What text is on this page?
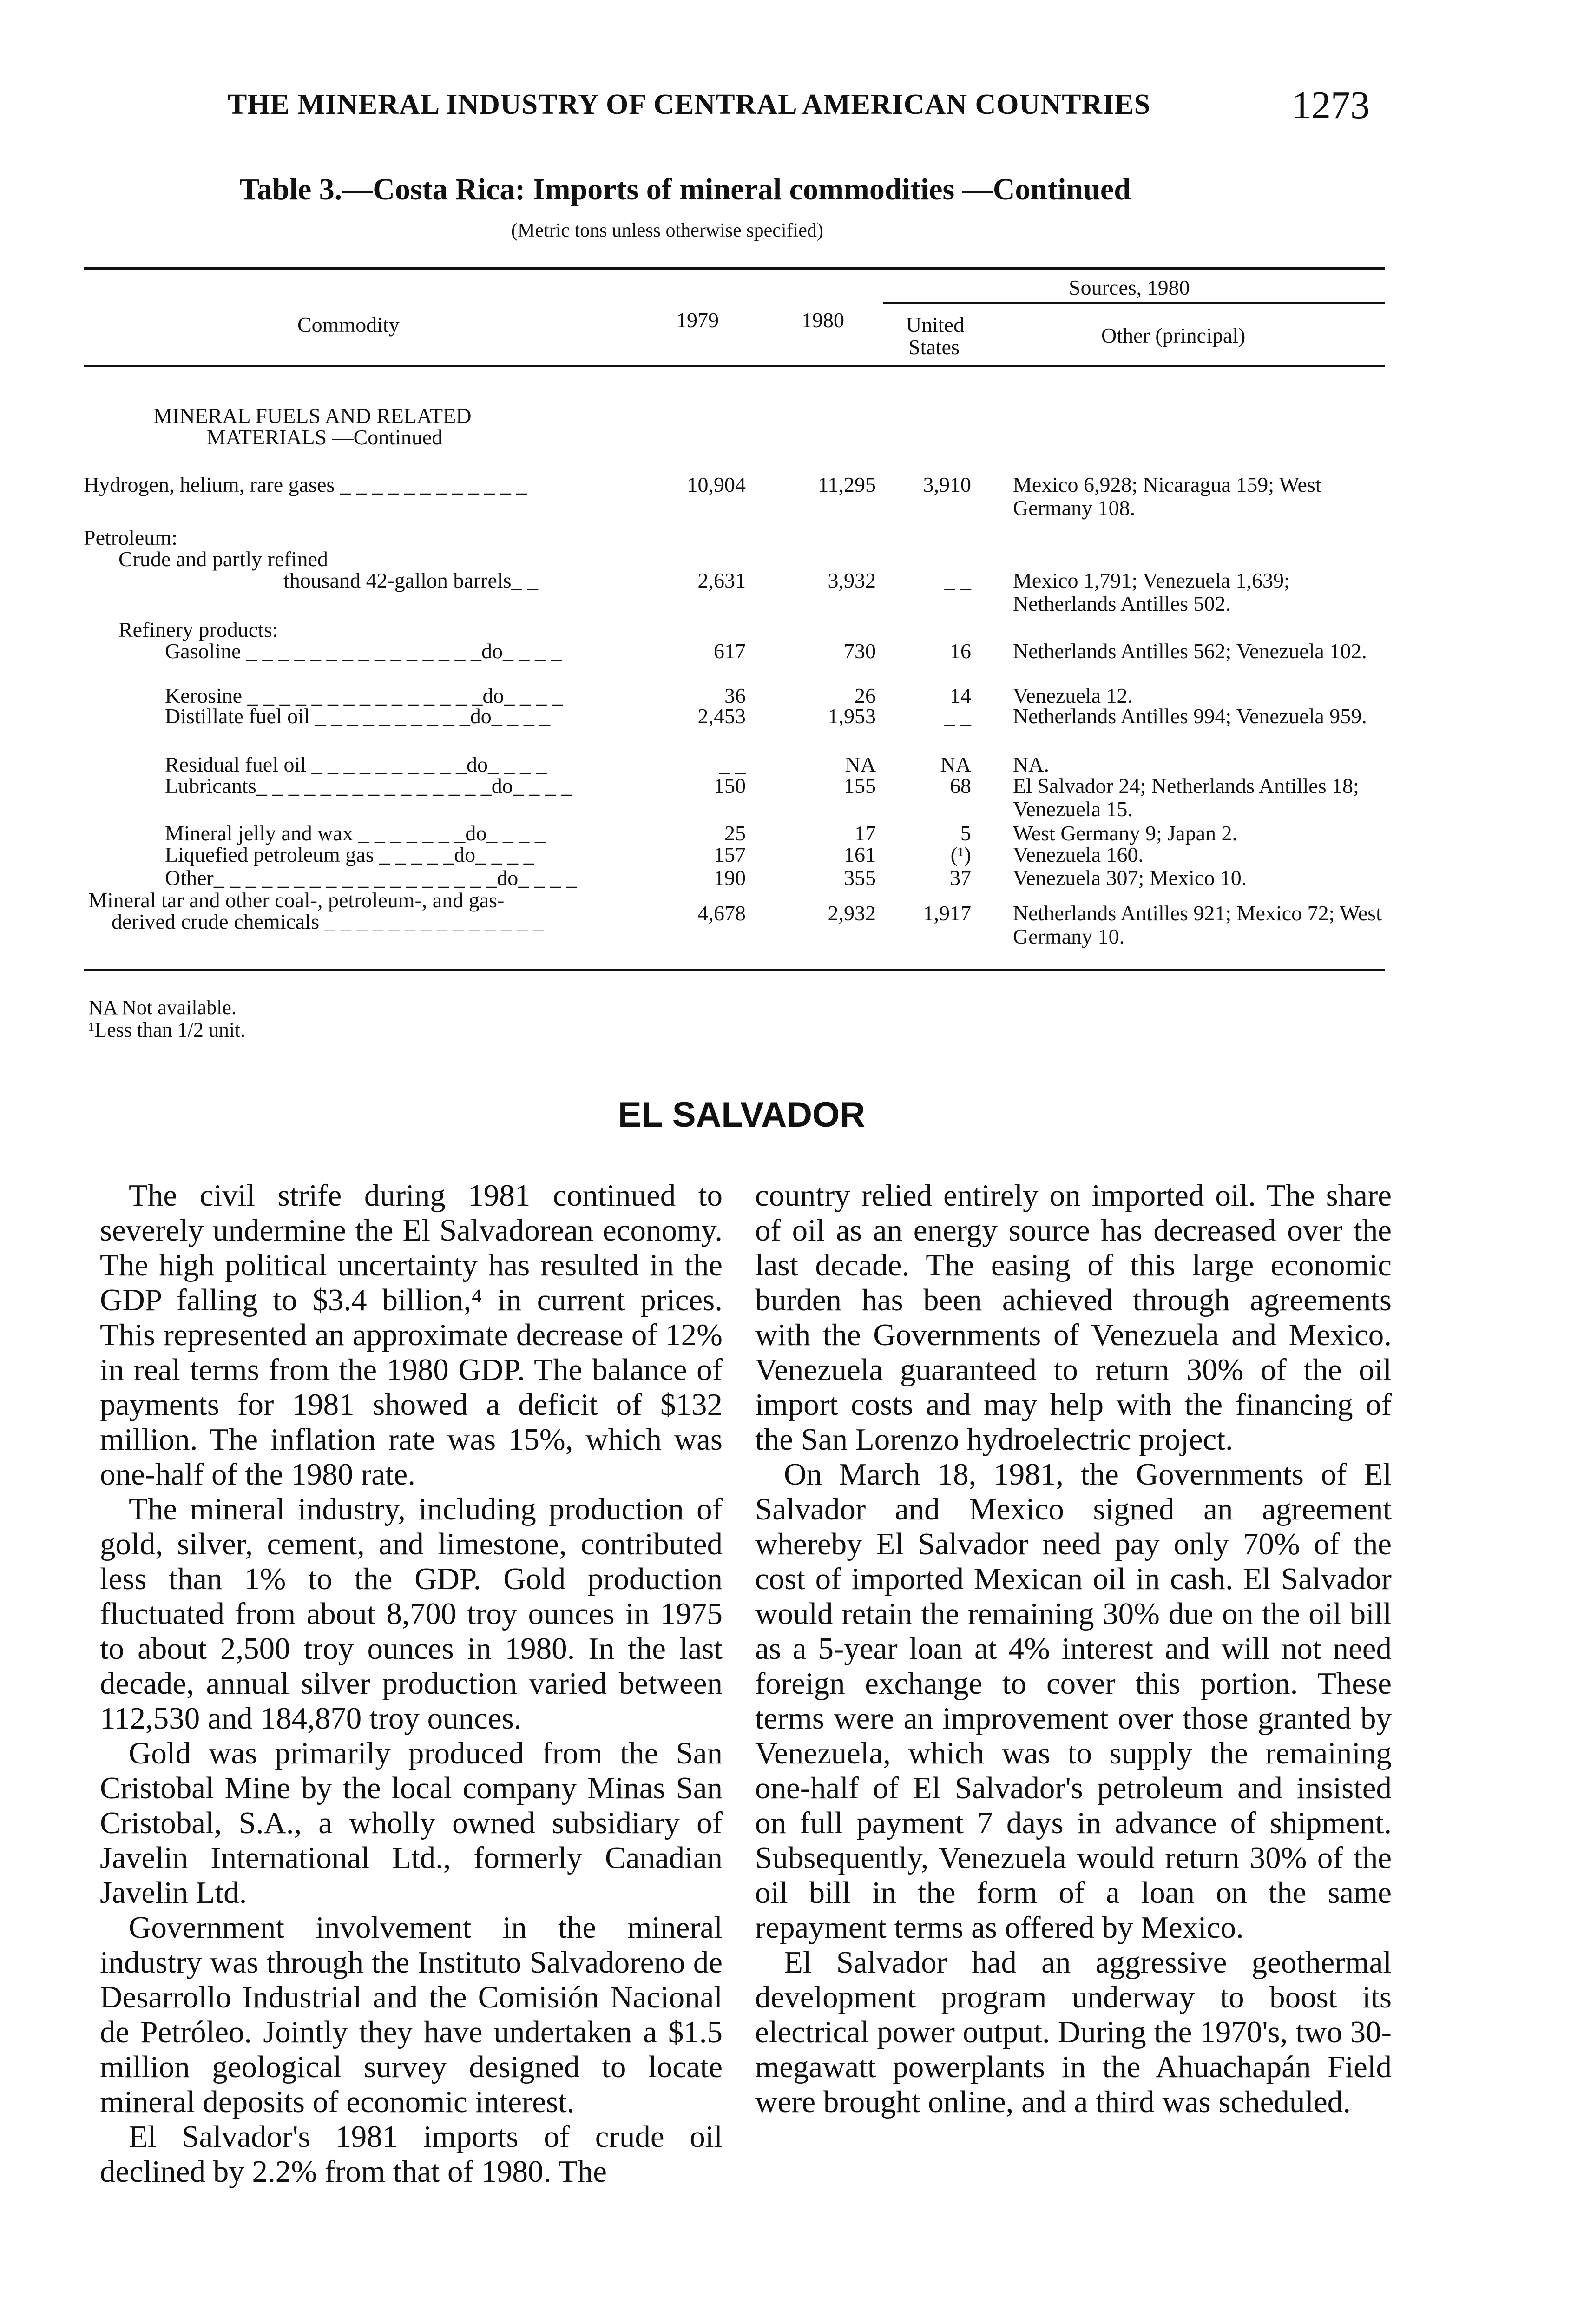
THE MINERAL INDUSTRY OF CENTRAL AMERICAN COUNTRIES	1273
Table 3.—Costa Rica: Imports of mineral commodities —Continued
(Metric tons unless otherwise specified)
Commodity	1979	1980
Sources, 1980
United
States	Other (principal)
MINERAL FUELS AND RELATED
MATERIALS —Continued
Hydrogen, helium, rare gases _ _ _ _ _ _ _ _ _ _ _ _	10,904	11,295	3,910 Mexico 6,928; Nicaragua 159; West Germany 108.
Petroleum:
Crude and partly refined
thousand 42-gallon barrels_ _	2,631	3,932	_ _ Mexico 1,791; Venezuela 1,639; Netherlands Antilles 502.
Refinery products:
Gasoline _ _ _ _ _ _ _ _ _ _ _ _ _ _ _do_ _ _ _	617	730	16 Netherlands Antilles 562; Venezuela 102.
Kerosine _ _ _ _ _ _ _ _ _ _ _ _ _ _ _do_ _ _ _	36	26	14 Venezuela 12.
Distillate fuel oil _ _ _ _ _ _ _ _ _ _do_ _ _ _	2,453	1,953	_ _ Netherlands Antilles 994; Venezuela 959.
Residual fuel oil _ _ _ _ _ _ _ _ _ _do_ _ _ _	_ _	NA	NA NA.
Lubricants_ _ _ _ _ _ _ _ _ _ _ _ _ _ _do_ _ _ _	150	155	68 El Salvador 24; Netherlands Antilles 18; Venezuela 15.
Mineral jelly and wax _ _ _ _ _ _ _do_ _ _ _	25	17	5 West Germany 9; Japan 2.
Liquefied petroleum gas _ _ _ _ _do_ _ _ _	157	161	(¹) Venezuela 160.
Other_ _ _ _ _ _ _ _ _ _ _ _ _ _ _ _ _ _do_ _ _ _	190	355	37 Venezuela 307; Mexico 10.
Mineral tar and other coal-, petroleum-, and gas-
derived crude chemicals _ _ _ _ _ _ _ _ _ _ _ _ _ _	4,678	2,932	1,917 Netherlands Antilles 921; Mexico 72; West Germany 10.
NA Not available.
¹Less than 1/2 unit.
EL SALVADOR

The civil strife during 1981 continued to severely undermine the El Salvadorean economy. The high political uncertainty has resulted in the GDP falling to $3.4 billion,⁴ in current prices. This represented an approximate decrease of 12% in real terms from the 1980 GDP. The balance of payments for 1981 showed a deficit of $132 million. The inflation rate was 15%, which was one-half of the 1980 rate.

The mineral industry, including production of gold, silver, cement, and limestone, contributed less than 1% to the GDP. Gold production fluctuated from about 8,700 troy ounces in 1975 to about 2,500 troy ounces in 1980. In the last decade, annual silver production varied between 112,530 and 184,870 troy ounces.

Gold was primarily produced from the San Cristobal Mine by the local company Minas San Cristobal, S.A., a wholly owned subsidiary of Javelin International Ltd., formerly Canadian Javelin Ltd.

Government involvement in the mineral industry was through the Instituto Salvadoreno de Desarrollo Industrial and the Comisión Nacional de Petróleo. Jointly they have undertaken a $1.5 million geological survey designed to locate mineral deposits of economic interest.

El Salvador's 1981 imports of crude oil declined by 2.2% from that of 1980. The

country relied entirely on imported oil. The share of oil as an energy source has decreased over the last decade. The easing of this large economic burden has been achieved through agreements with the Governments of Venezuela and Mexico. Venezuela guaranteed to return 30% of the oil import costs and may help with the financing of the San Lorenzo hydroelectric project.

On March 18, 1981, the Governments of El Salvador and Mexico signed an agreement whereby El Salvador need pay only 70% of the cost of imported Mexican oil in cash. El Salvador would retain the remaining 30% due on the oil bill as a 5-year loan at 4% interest and will not need foreign exchange to cover this portion. These terms were an improvement over those granted by Venezuela, which was to supply the remaining one-half of El Salvador's petroleum and insisted on full payment 7 days in advance of shipment. Subsequently, Venezuela would return 30% of the oil bill in the form of a loan on the same repayment terms as offered by Mexico.

El Salvador had an aggressive geothermal development program underway to boost its electrical power output. During the 1970's, two 30-megawatt powerplants in the Ahuachapán Field were brought online, and a third was scheduled.
